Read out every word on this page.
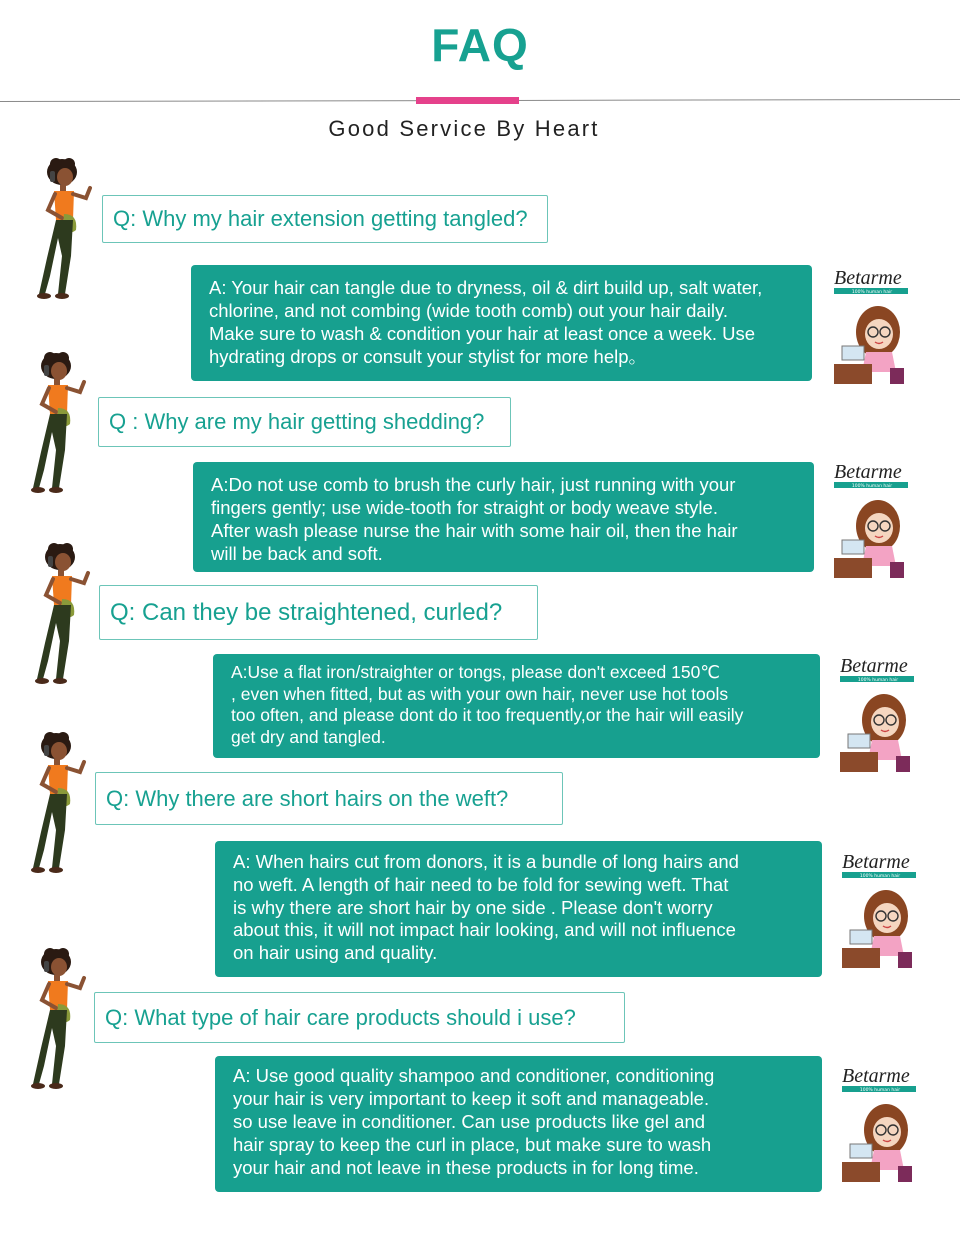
FAQ
Good Service By Heart
Q: Why my hair extension getting tangled?
A: Your hair can tangle due to dryness, oil & dirt build up, salt water,
chlorine, and not combing (wide tooth comb) out your hair daily.
Make sure to wash & condition your hair at least once a week. Use
hydrating drops or consult your stylist for more help。
Q : Why are my hair getting shedding?
A:Do not use comb to brush the curly hair, just running with your
fingers gently; use wide-tooth for straight or body weave style.
After wash please nurse the hair with some hair oil, then the hair
will be back and soft.
Q: Can they be straightened, curled?
A:Use a flat iron/straighter or tongs, please don't exceed 150℃
, even when fitted, but as with your own hair, never use hot tools
too often, and please dont do it too frequently,or the hair will easily
get dry and tangled.
Q: Why there are short hairs on the weft?
A: When hairs cut from donors, it is a bundle of long hairs and
no weft. A length of hair need to be fold for sewing weft. That
is why there are short hair by one side . Please don't worry
about this, it will not impact hair looking, and will not influence
on hair using and quality.
Q: What type of hair care products should i use?
A: Use good quality shampoo and conditioner, conditioning
your hair is very important to keep it soft and manageable.
so use leave in conditioner. Can use products like gel and
hair spray to keep the curl in place, but make sure to wash
your hair and not leave in these products in for long time.
